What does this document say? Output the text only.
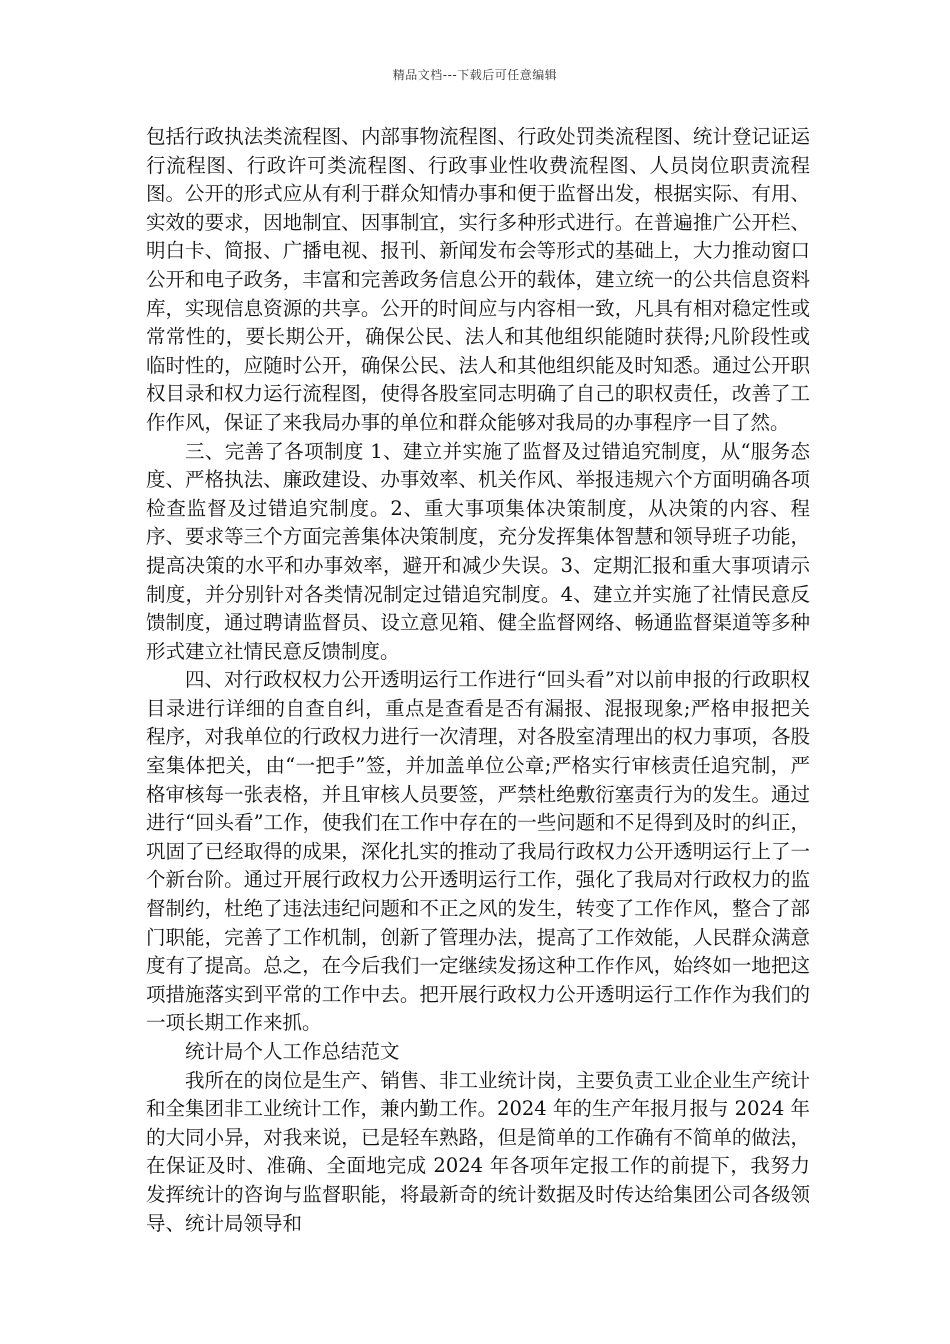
精品文档---下载后可任意编辑

包括行政执法类流程图、内部事物流程图、行政处罚类流程图、统计登记证运行流程图、行政许可类流程图、行政事业性收费流程图、人员岗位职责流程图。公开的形式应从有利于群众知情办事和便于监督出发，根据实际、有用、实效的要求，因地制宜、因事制宜，实行多种形式进行。在普遍推广公开栏、明白卡、简报、广播电视、报刊、新闻发布会等形式的基础上，大力推动窗口公开和电子政务，丰富和完善政务信息公开的载体，建立统一的公共信息资料库，实现信息资源的共享。公开的时间应与内容相一致，凡具有相对稳定性或常常性的，要长期公开，确保公民、法人和其他组织能随时获得;凡阶段性或临时性的，应随时公开，确保公民、法人和其他组织能及时知悉。通过公开职权目录和权力运行流程图，使得各股室同志明确了自己的职权责任，改善了工作作风，保证了来我局办事的单位和群众能够对我局的办事程序一目了然。

三、完善了各项制度 1、建立并实施了监督及过错追究制度，从“服务态度、严格执法、廉政建设、办事效率、机关作风、举报违规六个方面明确各项检查监督及过错追究制度。2、重大事项集体决策制度，从决策的内容、程序、要求等三个方面完善集体决策制度，充分发挥集体智慧和领导班子功能，提高决策的水平和办事效率，避开和减少失误。3、定期汇报和重大事项请示制度，并分别针对各类情况制定过错追究制度。4、建立并实施了社情民意反馈制度，通过聘请监督员、设立意见箱、健全监督网络、畅通监督渠道等多种形式建立社情民意反馈制度。

四、对行政权权力公开透明运行工作进行“回头看”对以前申报的行政职权目录进行详细的自查自纠，重点是查看是否有漏报、混报现象;严格申报把关程序，对我单位的行政权力进行一次清理，对各股室清理出的权力事项，各股室集体把关，由“一把手”签，并加盖单位公章;严格实行审核责任追究制，严格审核每一张表格，并且审核人员要签，严禁杜绝敷衍塞责行为的发生。通过进行“回头看”工作，使我们在工作中存在的一些问题和不足得到及时的纠正，巩固了已经取得的成果，深化扎实的推动了我局行政权力公开透明运行上了一个新台阶。通过开展行政权力公开透明运行工作，强化了我局对行政权力的监督制约，杜绝了违法违纪问题和不正之风的发生，转变了工作作风，整合了部门职能，完善了工作机制，创新了管理办法，提高了工作效能，人民群众满意度有了提高。总之，在今后我们一定继续发扬这种工作作风，始终如一地把这项措施落实到平常的工作中去。把开展行政权力公开透明运行工作作为我们的一项长期工作来抓。

统计局个人工作总结范文

我所在的岗位是生产、销售、非工业统计岗，主要负责工业企业生产统计和全集团非工业统计工作，兼内勤工作。2024 年的生产年报月报与 2024 年的大同小异，对我来说，已是轻车熟路，但是简单的工作确有不简单的做法，在保证及时、准确、全面地完成 2024 年各项年定报工作的前提下，我努力发挥统计的咨询与监督职能，将最新奇的统计数据及时传达给集团公司各级领导、统计局领导和
